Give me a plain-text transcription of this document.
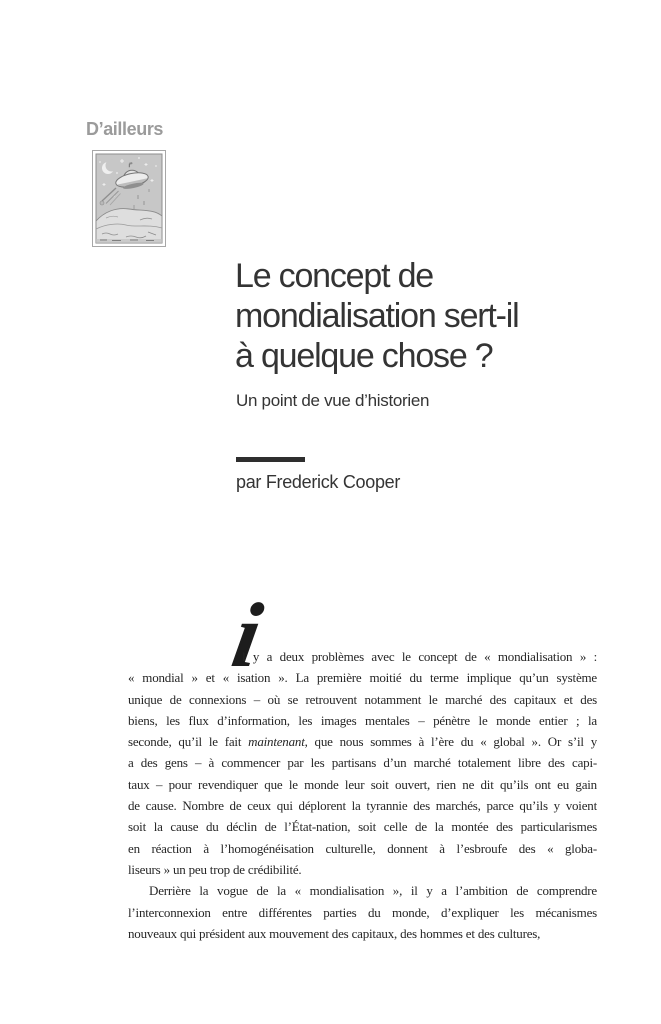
D’ailleurs
Le concept de
mondialisation sert-il
à quelque chose ?
Un point de vue d’historien
par Frederick Cooper
i
l y a deux problèmes avec le concept de « mondialisation » :
« mondial » et « isation ». La première moitié du terme implique qu’un système
unique de connexions – où se retrouvent notamment le marché des capitaux et des
biens, les flux d’information, les images mentales – pénètre le monde entier ; la
seconde, qu’il le fait maintenant, que nous sommes à l’ère du « global ». Or s’il y
a des gens – à commencer par les partisans d’un marché totalement libre des capi-
taux – pour revendiquer que le monde leur soit ouvert, rien ne dit qu’ils ont eu gain
de cause. Nombre de ceux qui déplorent la tyrannie des marchés, parce qu’ils y voient
soit la cause du déclin de l’État-nation, soit celle de la montée des particularismes
en réaction à l’homogénéisation culturelle, donnent à l’esbroufe des « globa-
liseurs » un peu trop de crédibilité.
Derrière la vogue de la « mondialisation », il y a l’ambition de comprendre
l’interconnexion entre différentes parties du monde, d’expliquer les mécanismes
nouveaux qui président aux mouvement des capitaux, des hommes et des cultures,
